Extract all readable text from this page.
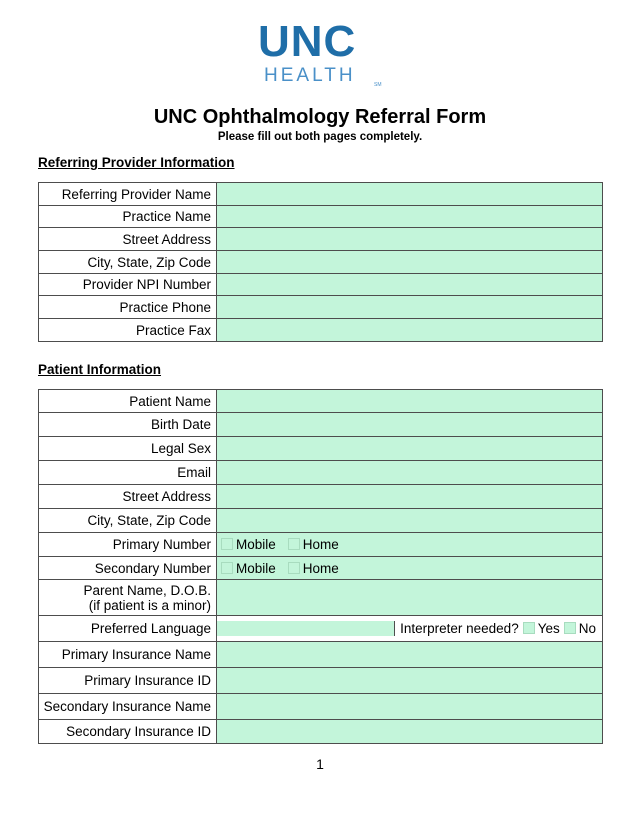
UNC
HEALTH	SM
UNC Ophthalmology Referral Form
Please fill out both pages completely.
Referring Provider Information
Referring Provider Name	
Practice Name	
Street Address	
City, State, Zip Code	
Provider NPI Number	
Practice Phone	
Practice Fax	
Patient Information
Patient Name	
Birth Date	
Legal Sex	
Email	
Street Address	
City, State, Zip Code	
Primary Number	Mobile Home

Secondary Number	Mobile Home

Parent Name, D.O.B.
(if patient is a minor)	

Preferred Language	Interpreter needed? Yes No

Primary Insurance Name	
Primary Insurance ID	
Secondary Insurance Name	
Secondary Insurance ID	
1
